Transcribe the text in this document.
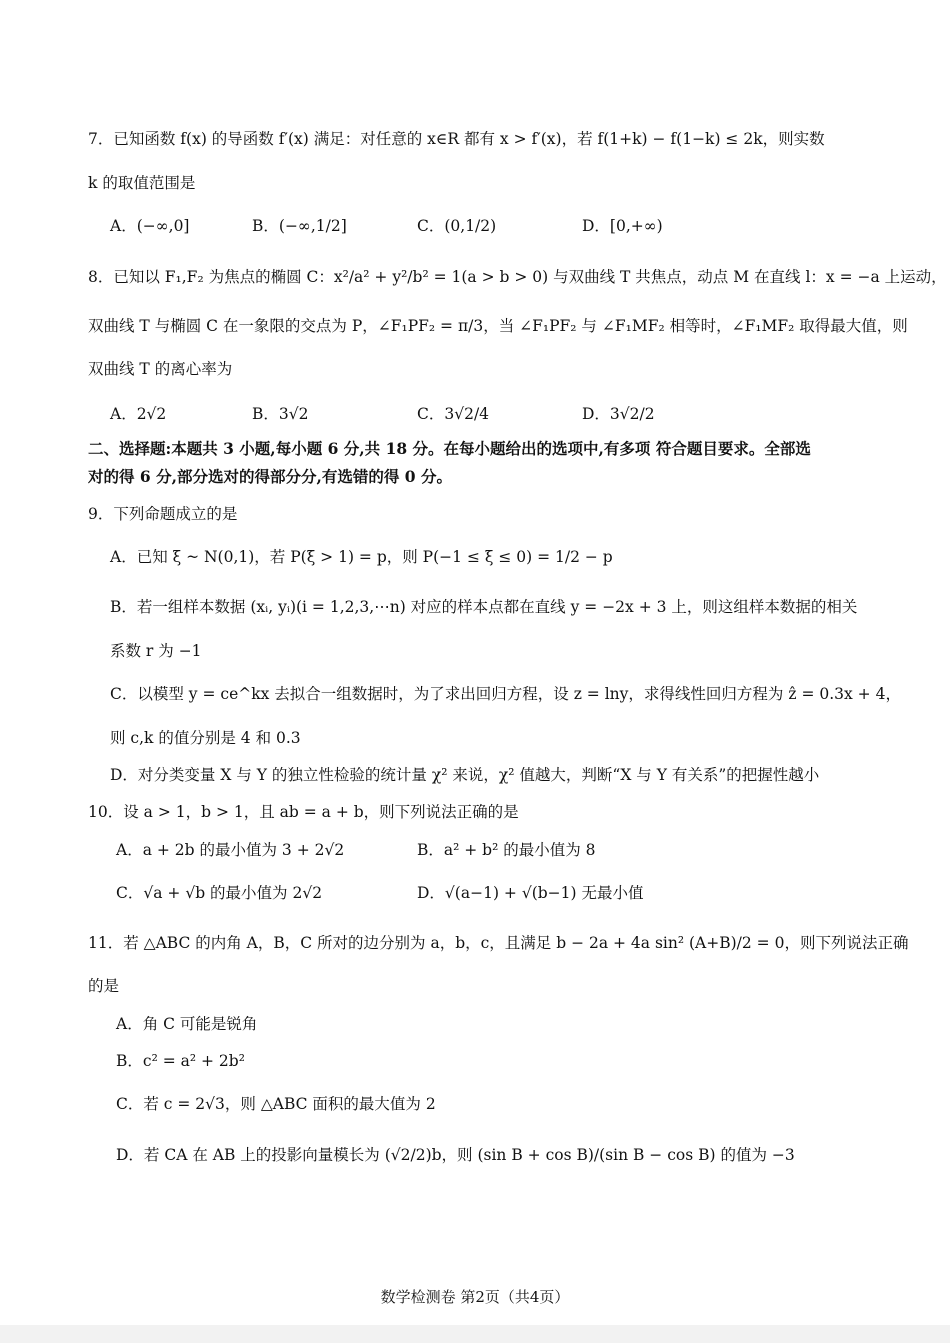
7．已知函数 f(x) 的导函数 f′(x) 满足：对任意的 x∈R 都有 x > f′(x)，若 f(1+k) − f(1−k) ≤ 2k，则实数
k 的取值范围是
A．(−∞,0]	B．(−∞,1/2]	C．(0,1/2)	D．[0,+∞)
8．已知以 F₁,F₂ 为焦点的椭圆 C：x²/a² + y²/b² = 1(a > b > 0) 与双曲线 T 共焦点，动点 M 在直线 l：x = −a 上运动，
双曲线 T 与椭圆 C 在一象限的交点为 P，∠F₁PF₂ = π/3，当 ∠F₁PF₂ 与 ∠F₁MF₂ 相等时，∠F₁MF₂ 取得最大值，则
双曲线 T 的离心率为
A．2√2	B．3√2	C．3√2/4	D．3√2/2
二、选择题:本题共 3 小题,每小题 6 分,共 18 分。在每小题给出的选项中,有多项 符合题目要求。全部选
对的得 6 分,部分选对的得部分分,有选错的得 0 分。
9．下列命题成立的是
A．已知 ξ ~ N(0,1)，若 P(ξ > 1) = p，则 P(−1 ≤ ξ ≤ 0) = 1/2 − p
B．若一组样本数据 (xᵢ, yᵢ)(i = 1,2,3,⋯n) 对应的样本点都在直线 y = −2x + 3 上，则这组样本数据的相关
系数 r 为 −1
C．以模型 y = ce^kx 去拟合一组数据时，为了求出回归方程，设 z = lny，求得线性回归方程为 ẑ = 0.3x + 4，
则 c,k 的值分别是 4 和 0.3
D．对分类变量 X 与 Y 的独立性检验的统计量 χ² 来说，χ² 值越大，判断“X 与 Y 有关系”的把握性越小
10．设 a > 1，b > 1，且 ab = a + b，则下列说法正确的是
A．a + 2b 的最小值为 3 + 2√2	B．a² + b² 的最小值为 8
C．√a + √b 的最小值为 2√2	D．√(a−1) + √(b−1) 无最小值
11．若 △ABC 的内角 A，B，C 所对的边分别为 a，b，c，且满足 b − 2a + 4a sin² (A+B)/2 = 0，则下列说法正确
的是
A．角 C 可能是锐角
B．c² = a² + 2b²
C．若 c = 2√3，则 △ABC 面积的最大值为 2
D．若 CA 在 AB 上的投影向量模长为 (√2/2)b，则 (sin B + cos B)/(sin B − cos B) 的值为 −3
数学检测卷 第2页（共4页）
